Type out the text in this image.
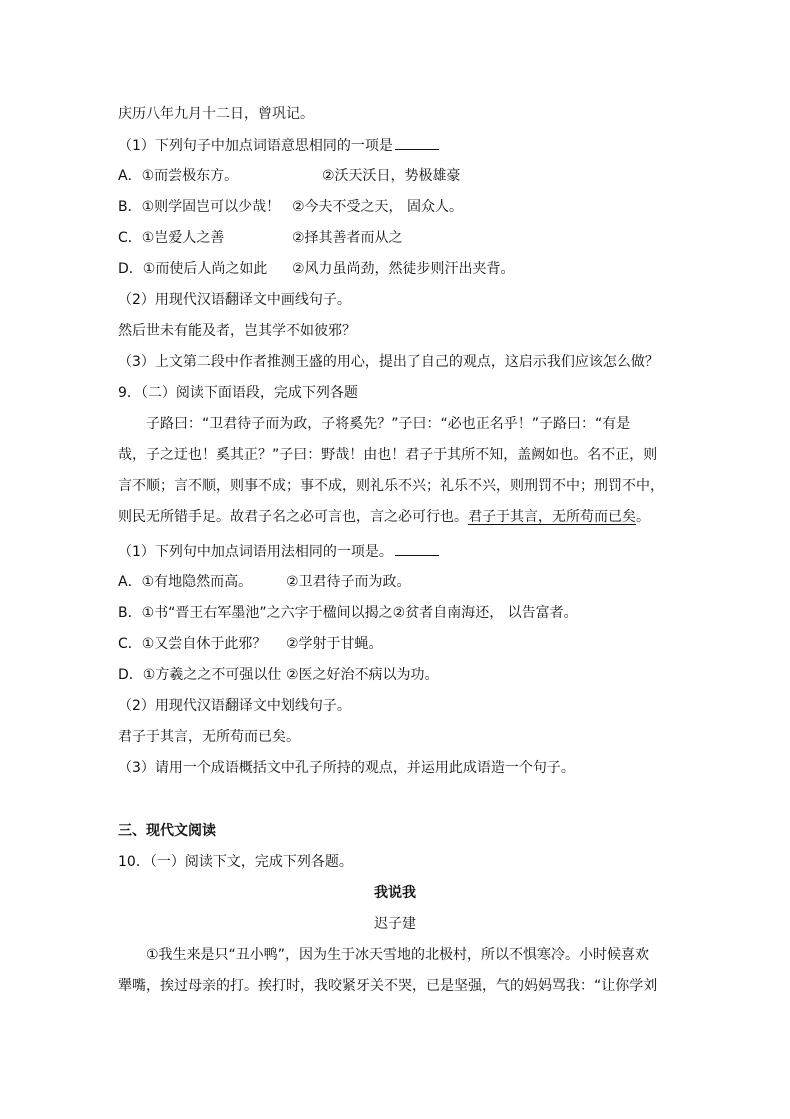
庆历八年九月十二日，曾巩记。
（1）下列句子中加点词语意思相同的一项是
A．①而尝极东方。	②沃天沃日，势极雄豪
B．①则学固岂可以少哉！ ②今夫不受之天， 固众人。
C．①岂爱人之善	②择其善者而从之
D．①而使后人尚之如此 ②风力虽尚劲，然徒步则汗出夹背。
（2）用现代汉语翻译文中画线句子。
然后世未有能及者，岂其学不如彼邪？
（3）上文第二段中作者推测王盛的用心，提出了自己的观点，这启示我们应该怎么做？
9．（二）阅读下面语段，完成下列各题
子路曰：“卫君待子而为政，子将奚先？”子曰：“必也正名乎！”子路曰：“有是
哉，子之迂也！奚其正？”子曰：野哉！由也！君子于其所不知，盖阙如也。名不正，则
言不顺；言不顺，则事不成；事不成，则礼乐不兴；礼乐不兴，则刑罚不中；刑罚不中，
则民无所错手足。故君子名之必可言也，言之必可行也。君子于其言，无所苟而已矣。
（1）下列句中加点词语用法相同的一项是。
A．①有地隐然而高。 ②卫君待子而为政。
B．①书“晋王右军墨池”之六字于楹间以揭之②贫者自南海还， 以告富者。
C．①又尝自休于此邪？ ②学射于甘蝇。
D．①方羲之之不可强以仕 ②医之好治不病以为功。
（2）用现代汉语翻译文中划线句子。
君子于其言，无所苟而已矣。
（3）请用一个成语概括文中孔子所持的观点，并运用此成语造一个句子。
三、现代文阅读
10．（一）阅读下文，完成下列各题。
我说我
迟子建
①我生来是只“丑小鸭”，因为生于冰天雪地的北极村，所以不惧寒冷。小时候喜欢
犟嘴，挨过母亲的打。挨打时，我咬紧牙关不哭，已是坚强，气的妈妈骂我：“让你学刘
